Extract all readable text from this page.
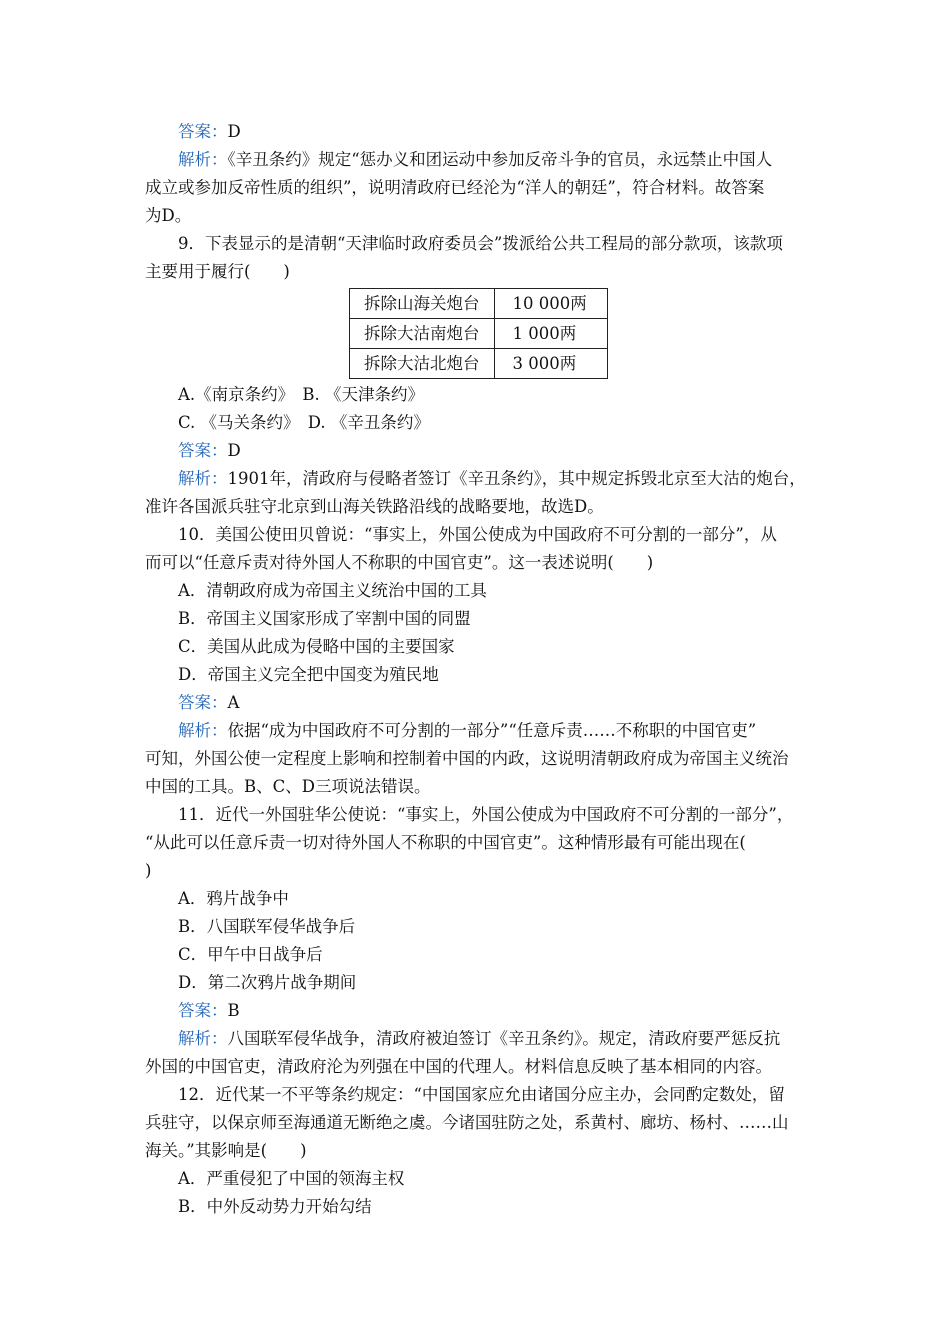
答案：D
解析：《辛丑条约》规定“惩办义和团运动中参加反帝斗争的官员，永远禁止中国人
成立或参加反帝性质的组织”，说明清政府已经沦为“洋人的朝廷”，符合材料。故答案
为D。
9．下表显示的是清朝“天津临时政府委员会”拨派给公共工程局的部分款项，该款项
主要用于履行(　　)
拆除山海关炮台	10 000两
拆除大沽南炮台	1 000两
拆除大沽北炮台	3 000两
A.《南京条约》　B. 《天津条约》
C. 《马关条约》　D. 《辛丑条约》
答案：D
解析：1901年，清政府与侵略者签订《辛丑条约》，其中规定拆毁北京至大沽的炮台，
准许各国派兵驻守北京到山海关铁路沿线的战略要地，故选D。
10．美国公使田贝曾说：“事实上，外国公使成为中国政府不可分割的一部分”，从
而可以“任意斥责对待外国人不称职的中国官吏”。这一表述说明(　　)
A．清朝政府成为帝国主义统治中国的工具
B．帝国主义国家形成了宰割中国的同盟
C．美国从此成为侵略中国的主要国家
D．帝国主义完全把中国变为殖民地
答案：A
解析：依据“成为中国政府不可分割的一部分”“任意斥责……不称职的中国官吏”
可知，外国公使一定程度上影响和控制着中国的内政，这说明清朝政府成为帝国主义统治
中国的工具。B、C、D三项说法错误。
11．近代一外国驻华公使说：“事实上，外国公使成为中国政府不可分割的一部分”，
“从此可以任意斥责一切对待外国人不称职的中国官吏”。这种情形最有可能出现在(
)
A．鸦片战争中
B．八国联军侵华战争后
C．甲午中日战争后
D．第二次鸦片战争期间
答案：B
解析：八国联军侵华战争，清政府被迫签订《辛丑条约》。规定，清政府要严惩反抗
外国的中国官吏，清政府沦为列强在中国的代理人。材料信息反映了基本相同的内容。
12．近代某一不平等条约规定：“中国国家应允由诸国分应主办，会同酌定数处，留
兵驻守，以保京师至海通道无断绝之虞。今诸国驻防之处，系黄村、廊坊、杨村、……山
海关。”其影响是(　　)
A．严重侵犯了中国的领海主权
B．中外反动势力开始勾结
